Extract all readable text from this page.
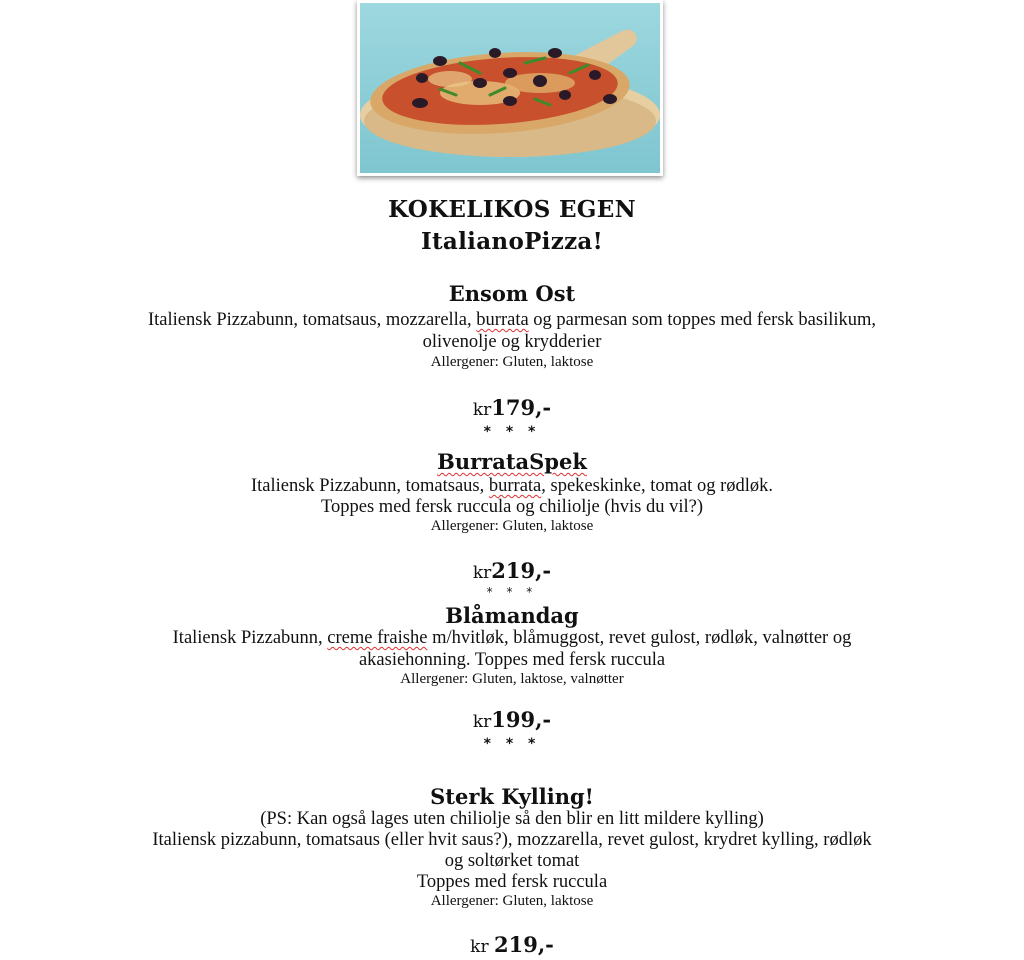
KOKELIKOS EGEN
ItalianoPizza!
Ensom Ost
Italiensk Pizzabunn, tomatsaus, mozzarella, burrata og parmesan som toppes med fersk basilikum,
olivenolje og krydderier
Allergener: Gluten, laktose
kr179,-
* * *
BurrataSpek
Italiensk Pizzabunn, tomatsaus, burrata, spekeskinke, tomat og rødløk.
Toppes med fersk ruccula og chiliolje (hvis du vil?)
Allergener: Gluten, laktose
kr219,-
* * *
Blåmandag
Italiensk Pizzabunn, creme fraishe m/hvitløk, blåmuggost, revet gulost, rødløk, valnøtter og
akasiehonning. Toppes med fersk ruccula
Allergener: Gluten, laktose, valnøtter
kr199,-
* * *
Sterk Kylling!
(PS: Kan også lages uten chiliolje så den blir en litt mildere kylling)
Italiensk pizzabunn, tomatsaus (eller hvit saus?), mozzarella, revet gulost, krydret kylling, rødløk
og soltørket tomat
Toppes med fersk ruccula
Allergener: Gluten, laktose
kr 219,-
